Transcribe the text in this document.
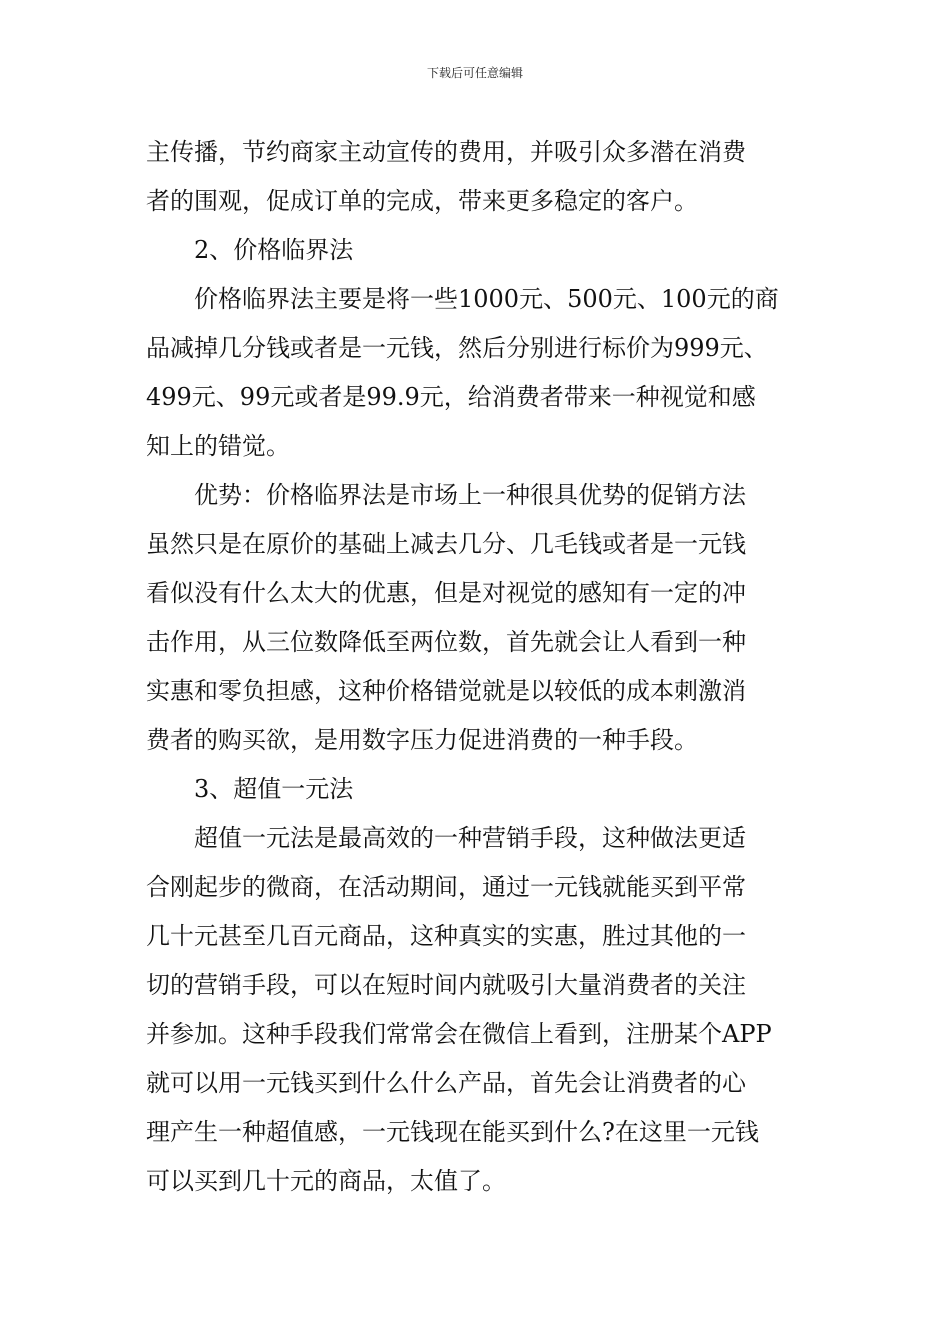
下载后可任意编辑
主传播，节约商家主动宣传的费用，并吸引众多潜在消费
者的围观，促成订单的完成，带来更多稳定的客户。
2、价格临界法
价格临界法主要是将一些1000元、500元、100元的商
品减掉几分钱或者是一元钱，然后分别进行标价为999元、
499元、99元或者是99.9元，给消费者带来一种视觉和感
知上的错觉。
优势：价格临界法是市场上一种很具优势的促销方法
虽然只是在原价的基础上减去几分、几毛钱或者是一元钱
看似没有什么太大的优惠，但是对视觉的感知有一定的冲
击作用，从三位数降低至两位数，首先就会让人看到一种
实惠和零负担感，这种价格错觉就是以较低的成本刺激消
费者的购买欲，是用数字压力促进消费的一种手段。
3、超值一元法
超值一元法是最高效的一种营销手段，这种做法更适
合刚起步的微商，在活动期间，通过一元钱就能买到平常
几十元甚至几百元商品，这种真实的实惠，胜过其他的一
切的营销手段，可以在短时间内就吸引大量消费者的关注
并参加。这种手段我们常常会在微信上看到，注册某个APP
就可以用一元钱买到什么什么产品，首先会让消费者的心
理产生一种超值感，一元钱现在能买到什么?在这里一元钱
可以买到几十元的商品，太值了。
